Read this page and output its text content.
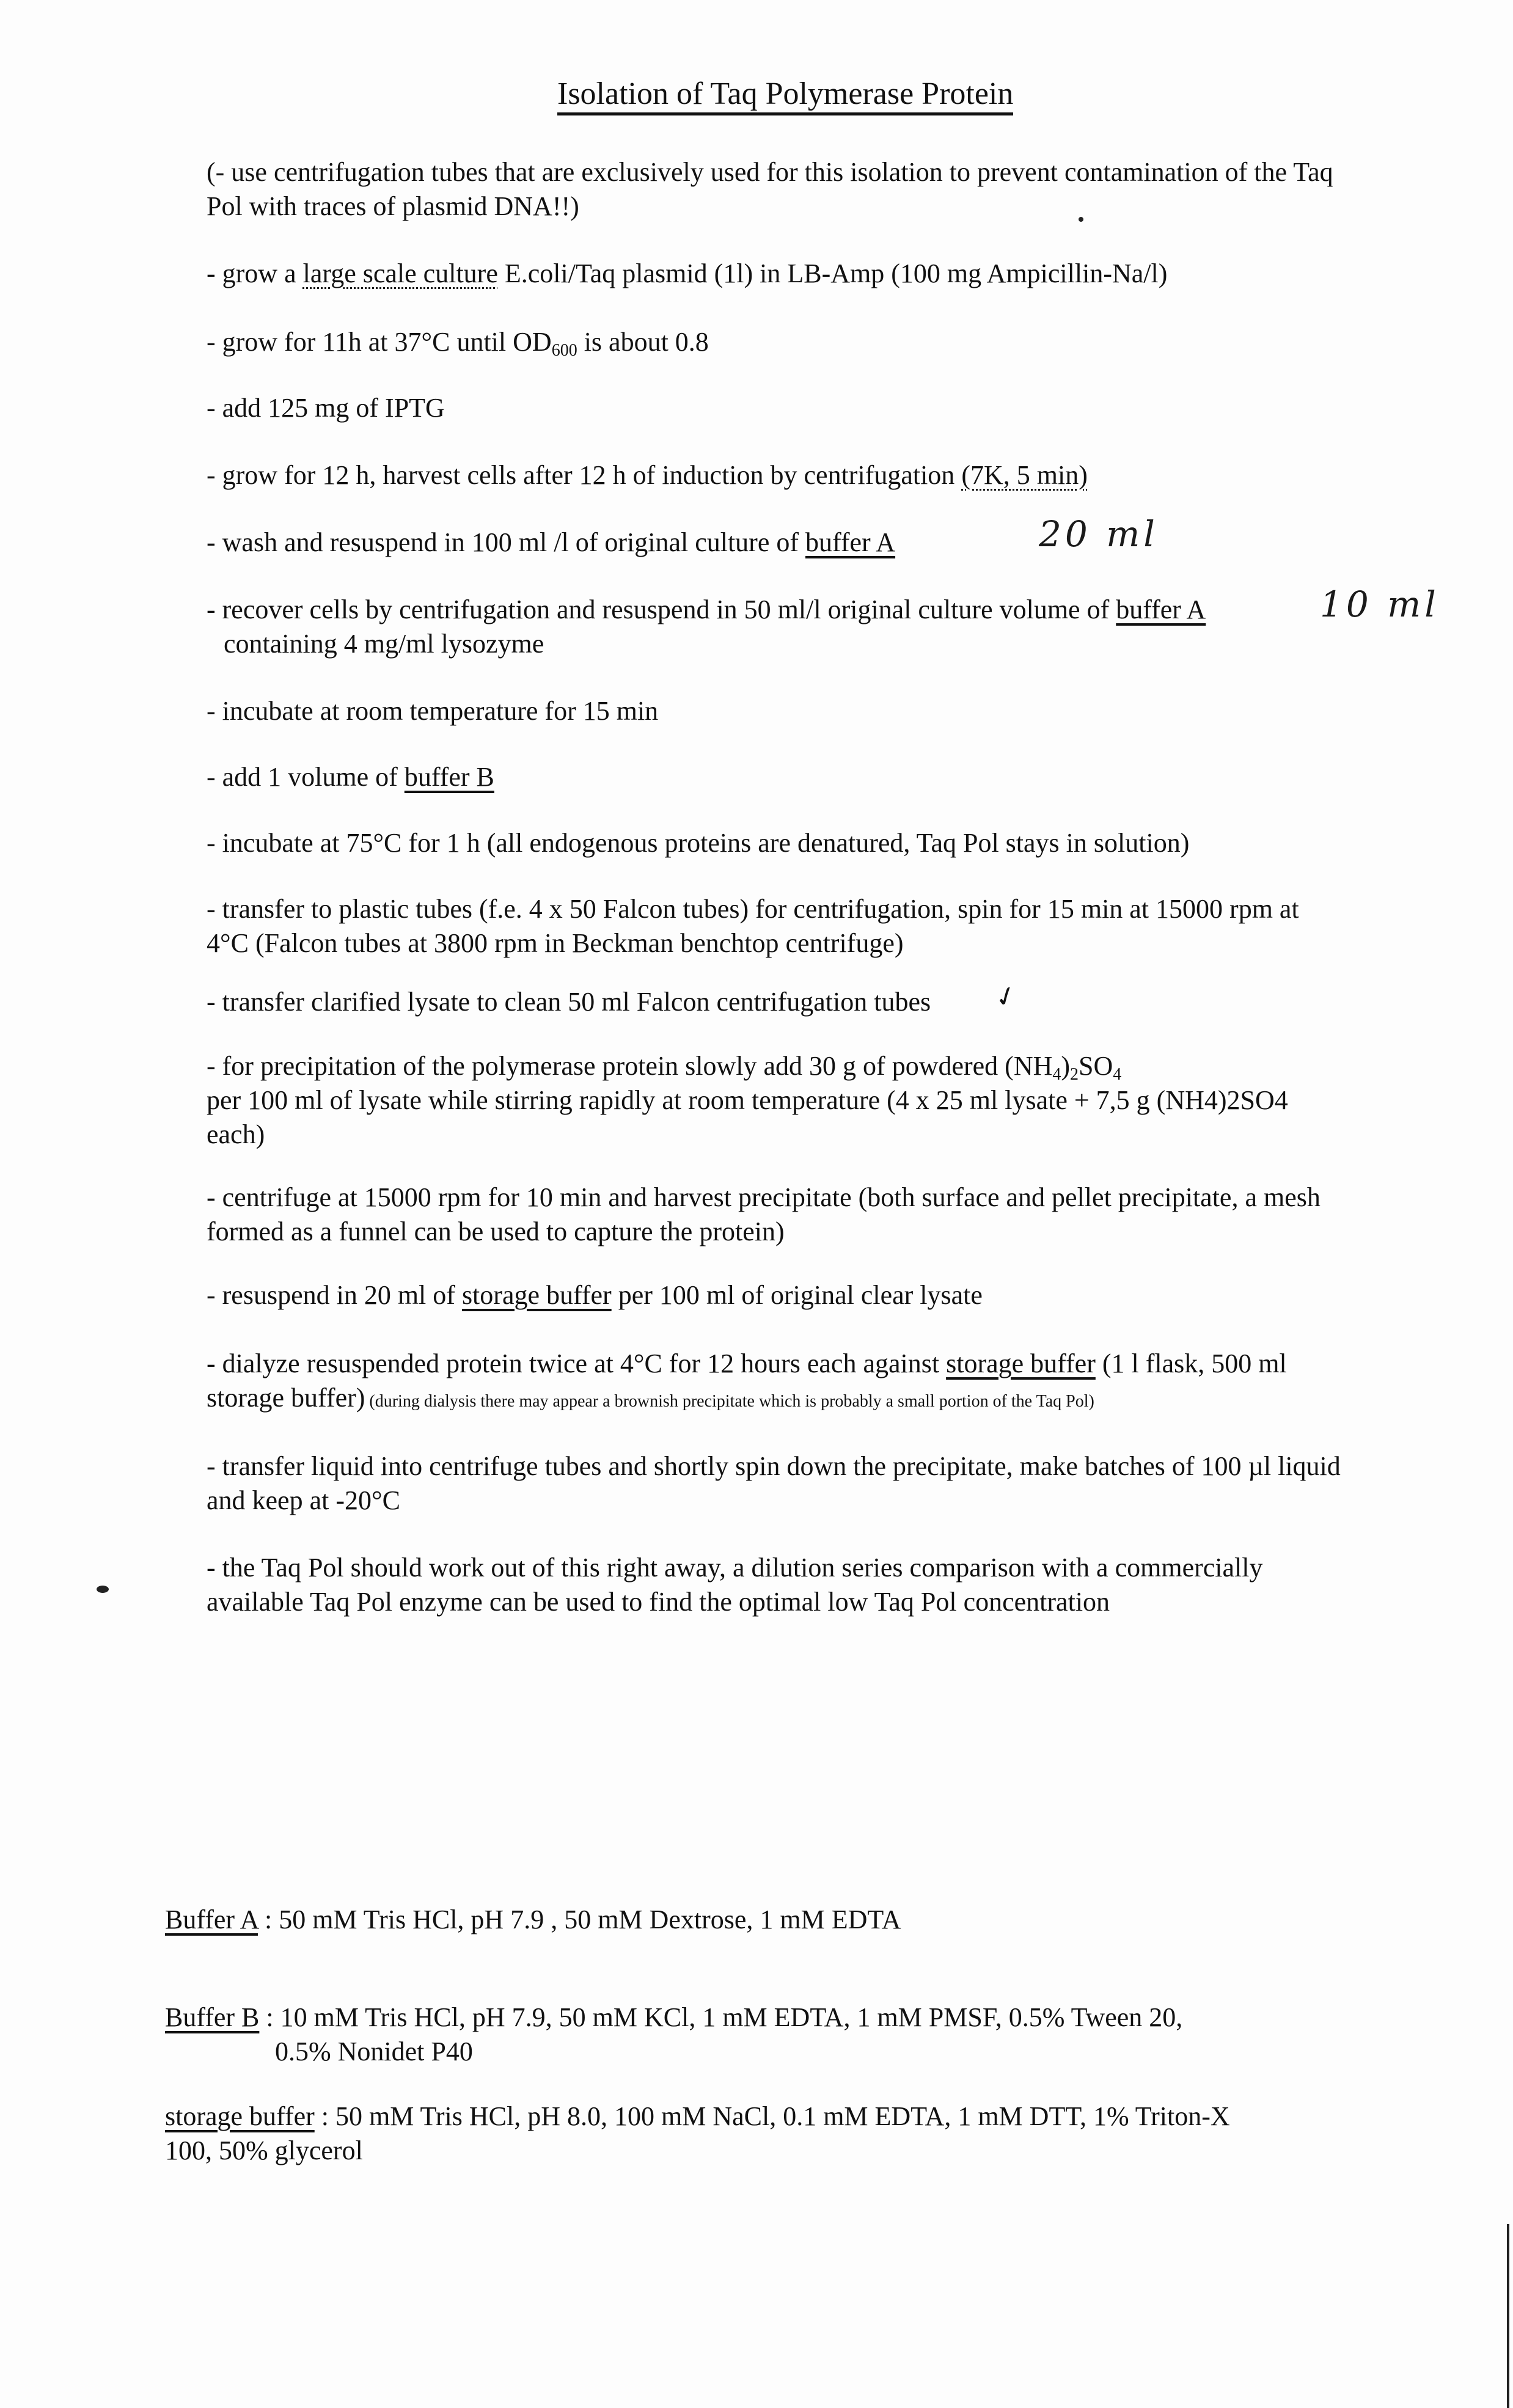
Isolation of Taq Polymerase Protein
(- use centrifugation tubes that are exclusively used for this isolation to prevent contamination of the Taq
Pol with traces of plasmid DNA!!)
- grow a large scale culture E.coli/Taq plasmid (1l) in LB-Amp (100 mg Ampicillin-Na/l)
- grow for 11h at 37°C until $OD_{600}$ is about 0.8
- add 125 mg of IPTG
- grow for 12 h, harvest cells after 12 h of induction by centrifugation (7K, 5 min)
- wash and resuspend in 100 ml /l of original culture of buffer A	20 ml
- recover cells by centrifugation and resuspend in 50 ml/l original culture volume of buffer A
containing 4 mg/ml lysozyme
10 ml
- incubate at room temperature for 15 min
- add 1 volume of buffer B
- incubate at 75°C for 1 h (all endogenous proteins are denatured, Taq Pol stays in solution)
- transfer to plastic tubes (f.e. 4 x 50 Falcon tubes) for centrifugation, spin for 15 min at 15000 rpm at
4°C (Falcon tubes at 3800 rpm in Beckman benchtop centrifuge)
- transfer clarified lysate to clean 50 ml Falcon centrifugation tubes ✓
- for precipitation of the polymerase protein slowly add 30 g of powdered $(NH_4)_2SO_4$
per 100 ml of lysate while stirring rapidly at room temperature (4 x 25 ml lysate + 7,5 g (NH4)2SO4
each)
- centrifuge at 15000 rpm for 10 min and harvest precipitate (both surface and pellet precipitate, a mesh
formed as a funnel can be used to capture the protein)
- resuspend in 20 ml of storage buffer per 100 ml of original clear lysate
- dialyze resuspended protein twice at 4°C for 12 hours each against storage buffer (1 l flask, 500 ml
storage buffer) (during dialysis there may appear a brownish precipitate which is probably a small portion of the Taq Pol)
- transfer liquid into centrifuge tubes and shortly spin down the precipitate, make batches of 100 µl liquid
and keep at -20°C
- the Taq Pol should work out of this right away, a dilution series comparison with a commercially
available Taq Pol enzyme can be used to find the optimal low Taq Pol concentration
Buffer A : 50 mM Tris HCl, pH 7.9 , 50 mM Dextrose, 1 mM EDTA
Buffer B : 10 mM Tris HCl, pH 7.9, 50 mM KCl, 1 mM EDTA, 1 mM PMSF, 0.5% Tween 20,
0.5% Nonidet P40
storage buffer : 50 mM Tris HCl, pH 8.0, 100 mM NaCl, 0.1 mM EDTA, 1 mM DTT, 1% Triton-X
100, 50% glycerol
